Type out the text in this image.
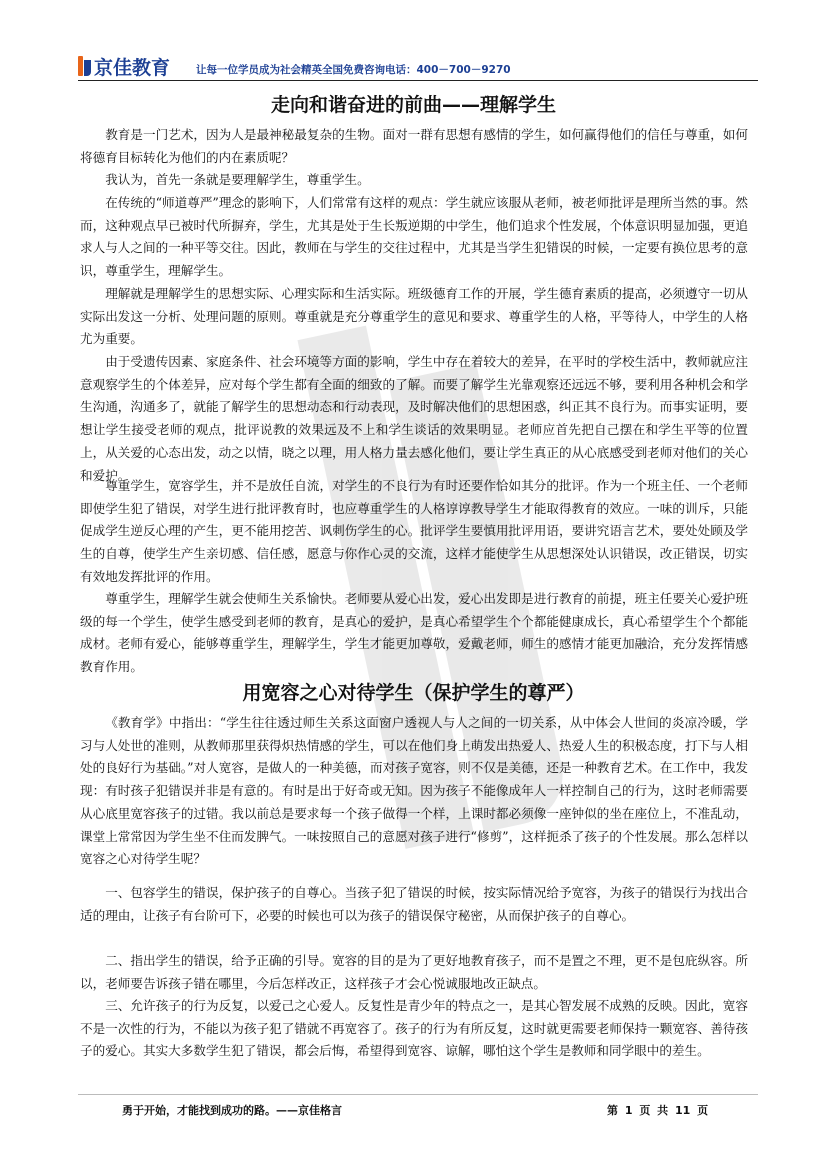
京佳教育 让每一位学员成为社会精英全国免费咨询电话：400－700－9270
走向和谐奋进的前曲——理解学生

教育是一门艺术，因为人是最神秘最复杂的生物。面对一群有思想有感情的学生，如何赢得他们的信任与尊重，如何将德育目标转化为他们的内在素质呢？

我认为，首先一条就是要理解学生，尊重学生。

在传统的“师道尊严”理念的影响下，人们常常有这样的观点：学生就应该服从老师，被老师批评是理所当然的事。然而，这种观点早已被时代所摒弃，学生，尤其是处于生长叛逆期的中学生，他们追求个性发展，个体意识明显加强，更追求人与人之间的一种平等交往。因此，教师在与学生的交往过程中，尤其是当学生犯错误的时候，一定要有换位思考的意识，尊重学生，理解学生。

理解就是理解学生的思想实际、心理实际和生活实际。班级德育工作的开展，学生德育素质的提高，必须遵守一切从实际出发这一分析、处理问题的原则。尊重就是充分尊重学生的意见和要求、尊重学生的人格，平等待人，中学生的人格尤为重要。

由于受遗传因素、家庭条件、社会环境等方面的影响，学生中存在着较大的差异，在平时的学校生活中，教师就应注意观察学生的个体差异，应对每个学生都有全面的细致的了解。而要了解学生光靠观察还远远不够，要利用各种机会和学生沟通，沟通多了，就能了解学生的思想动态和行动表现，及时解决他们的思想困惑，纠正其不良行为。而事实证明，要想让学生接受老师的观点，批评说教的效果远及不上和学生谈话的效果明显。老师应首先把自己摆在和学生平等的位置上，从关爱的心态出发，动之以情，晓之以理，用人格力量去感化他们，要让学生真正的从心底感受到老师对他们的关心和爱护。

尊重学生，宽容学生，并不是放任自流，对学生的不良行为有时还要作恰如其分的批评。作为一个班主任、一个老师即使学生犯了错误，对学生进行批评教育时，也应尊重学生的人格谆谆教导学生才能取得教育的效应。一味的训斥，只能促成学生逆反心理的产生，更不能用挖苦、讽刺伤学生的心。批评学生要慎用批评用语，要讲究语言艺术，要处处顾及学生的自尊，使学生产生亲切感、信任感，愿意与你作心灵的交流，这样才能使学生从思想深处认识错误，改正错误，切实有效地发挥批评的作用。

尊重学生，理解学生就会使师生关系愉快。老师要从爱心出发，爱心出发即是进行教育的前提，班主任要关心爱护班级的每一个学生，使学生感受到老师的教育，是真心的爱护，是真心希望学生个个都能健康成长，真心希望学生个个都能成材。老师有爱心，能够尊重学生，理解学生，学生才能更加尊敬，爱戴老师，师生的感情才能更加融洽，充分发挥情感教育作用。

用宽容之心对待学生（保护学生的尊严）

《教育学》中指出：“学生往往透过师生关系这面窗户透视人与人之间的一切关系，从中体会人世间的炎凉冷暖，学习与人处世的准则，从教师那里获得炽热情感的学生，可以在他们身上萌发出热爱人、热爱人生的积极态度，打下与人相处的良好行为基础。”对人宽容，是做人的一种美德，而对孩子宽容，则不仅是美德，还是一种教育艺术。在工作中，我发现：有时孩子犯错误并非是有意的。有时是出于好奇或无知。因为孩子不能像成年人一样控制自己的行为，这时老师需要从心底里宽容孩子的过错。我以前总是要求每一个孩子做得一个样，上课时都必须像一座钟似的坐在座位上，不准乱动，课堂上常常因为学生坐不住而发脾气。一味按照自己的意愿对孩子进行“修剪”，这样扼杀了孩子的个性发展。那么怎样以宽容之心对待学生呢？

一、包容学生的错误，保护孩子的自尊心。当孩子犯了错误的时候，按实际情况给予宽容，为孩子的错误行为找出合适的理由，让孩子有台阶可下，必要的时候也可以为孩子的错误保守秘密，从而保护孩子的自尊心。

二、指出学生的错误，给予正确的引导。宽容的目的是为了更好地教育孩子，而不是置之不理，更不是包庇纵容。所以，老师要告诉孩子错在哪里，今后怎样改正，这样孩子才会心悦诚服地改正缺点。

三、允许孩子的行为反复，以爱己之心爱人。反复性是青少年的特点之一，是其心智发展不成熟的反映。因此，宽容不是一次性的行为，不能以为孩子犯了错就不再宽容了。孩子的行为有所反复，这时就更需要老师保持一颗宽容、善待孩子的爱心。其实大多数学生犯了错误，都会后悔，希望得到宽容、谅解，哪怕这个学生是教师和同学眼中的差生。

勇于开始，才能找到成功的路。——京佳格言	第 1 页 共 11 页
